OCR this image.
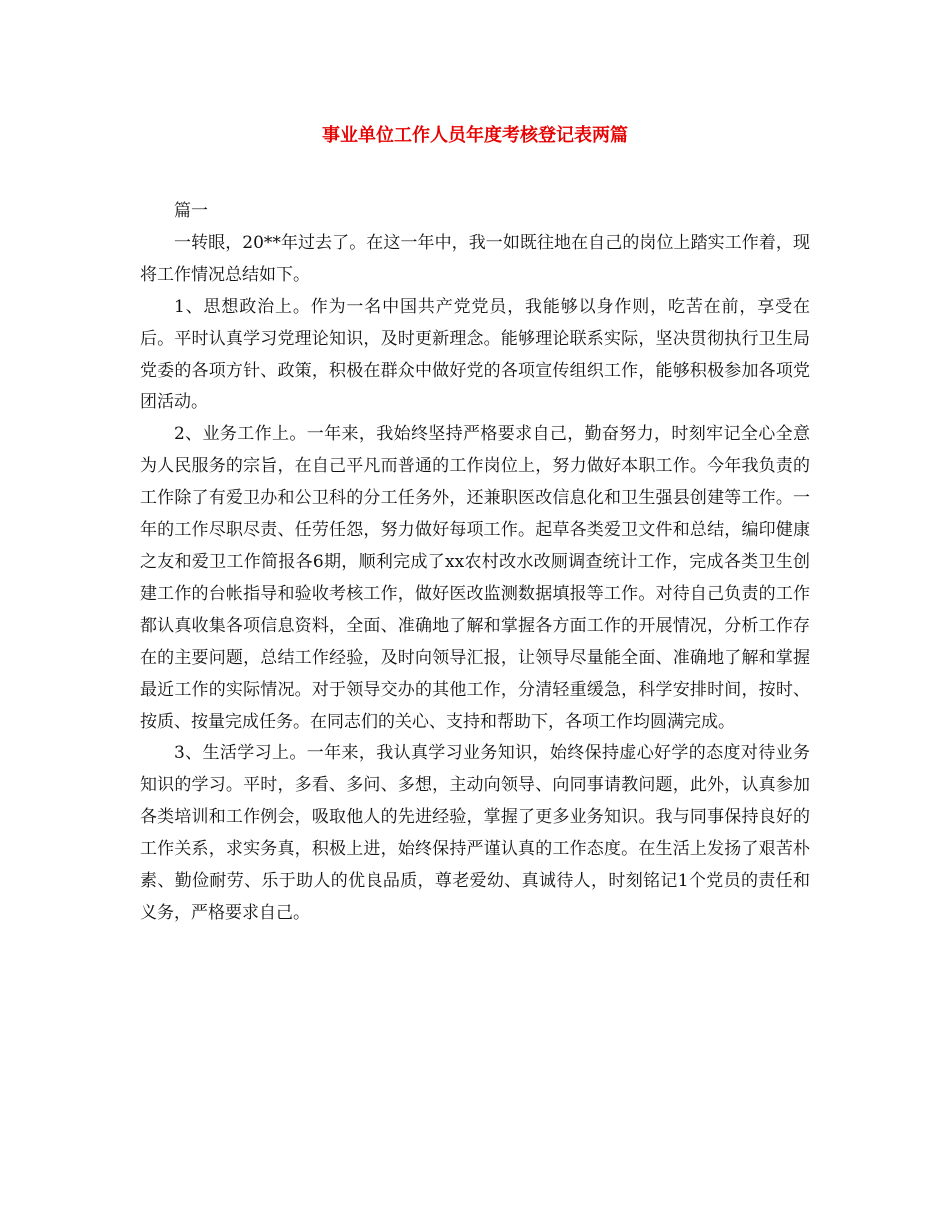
事业单位工作人员年度考核登记表两篇

篇一

一转眼，20**年过去了。在这一年中，我一如既往地在自己的岗位上踏实工作着，现将工作情况总结如下。

1、思想政治上。作为一名中国共产党党员，我能够以身作则，吃苦在前，享受在后。平时认真学习党理论知识，及时更新理念。能够理论联系实际，坚决贯彻执行卫生局党委的各项方针、政策，积极在群众中做好党的各项宣传组织工作，能够积极参加各项党团活动。

2、业务工作上。一年来，我始终坚持严格要求自己，勤奋努力，时刻牢记全心全意为人民服务的宗旨，在自己平凡而普通的工作岗位上，努力做好本职工作。今年我负责的工作除了有爱卫办和公卫科的分工任务外，还兼职医改信息化和卫生强县创建等工作。一年的工作尽职尽责、任劳任怨，努力做好每项工作。起草各类爱卫文件和总结，编印健康之友和爱卫工作简报各6期，顺利完成了xx农村改水改厕调查统计工作，完成各类卫生创建工作的台帐指导和验收考核工作，做好医改监测数据填报等工作。对待自己负责的工作都认真收集各项信息资料，全面、准确地了解和掌握各方面工作的开展情况，分析工作存在的主要问题，总结工作经验，及时向领导汇报，让领导尽量能全面、准确地了解和掌握最近工作的实际情况。对于领导交办的其他工作，分清轻重缓急，科学安排时间，按时、按质、按量完成任务。在同志们的关心、支持和帮助下，各项工作均圆满完成。

3、生活学习上。一年来，我认真学习业务知识，始终保持虚心好学的态度对待业务知识的学习。平时，多看、多问、多想，主动向领导、向同事请教问题，此外，认真参加各类培训和工作例会，吸取他人的先进经验，掌握了更多业务知识。我与同事保持良好的工作关系，求实务真，积极上进，始终保持严谨认真的工作态度。在生活上发扬了艰苦朴素、勤俭耐劳、乐于助人的优良品质，尊老爱幼、真诚待人，时刻铭记1个党员的责任和义务，严格要求自己。
